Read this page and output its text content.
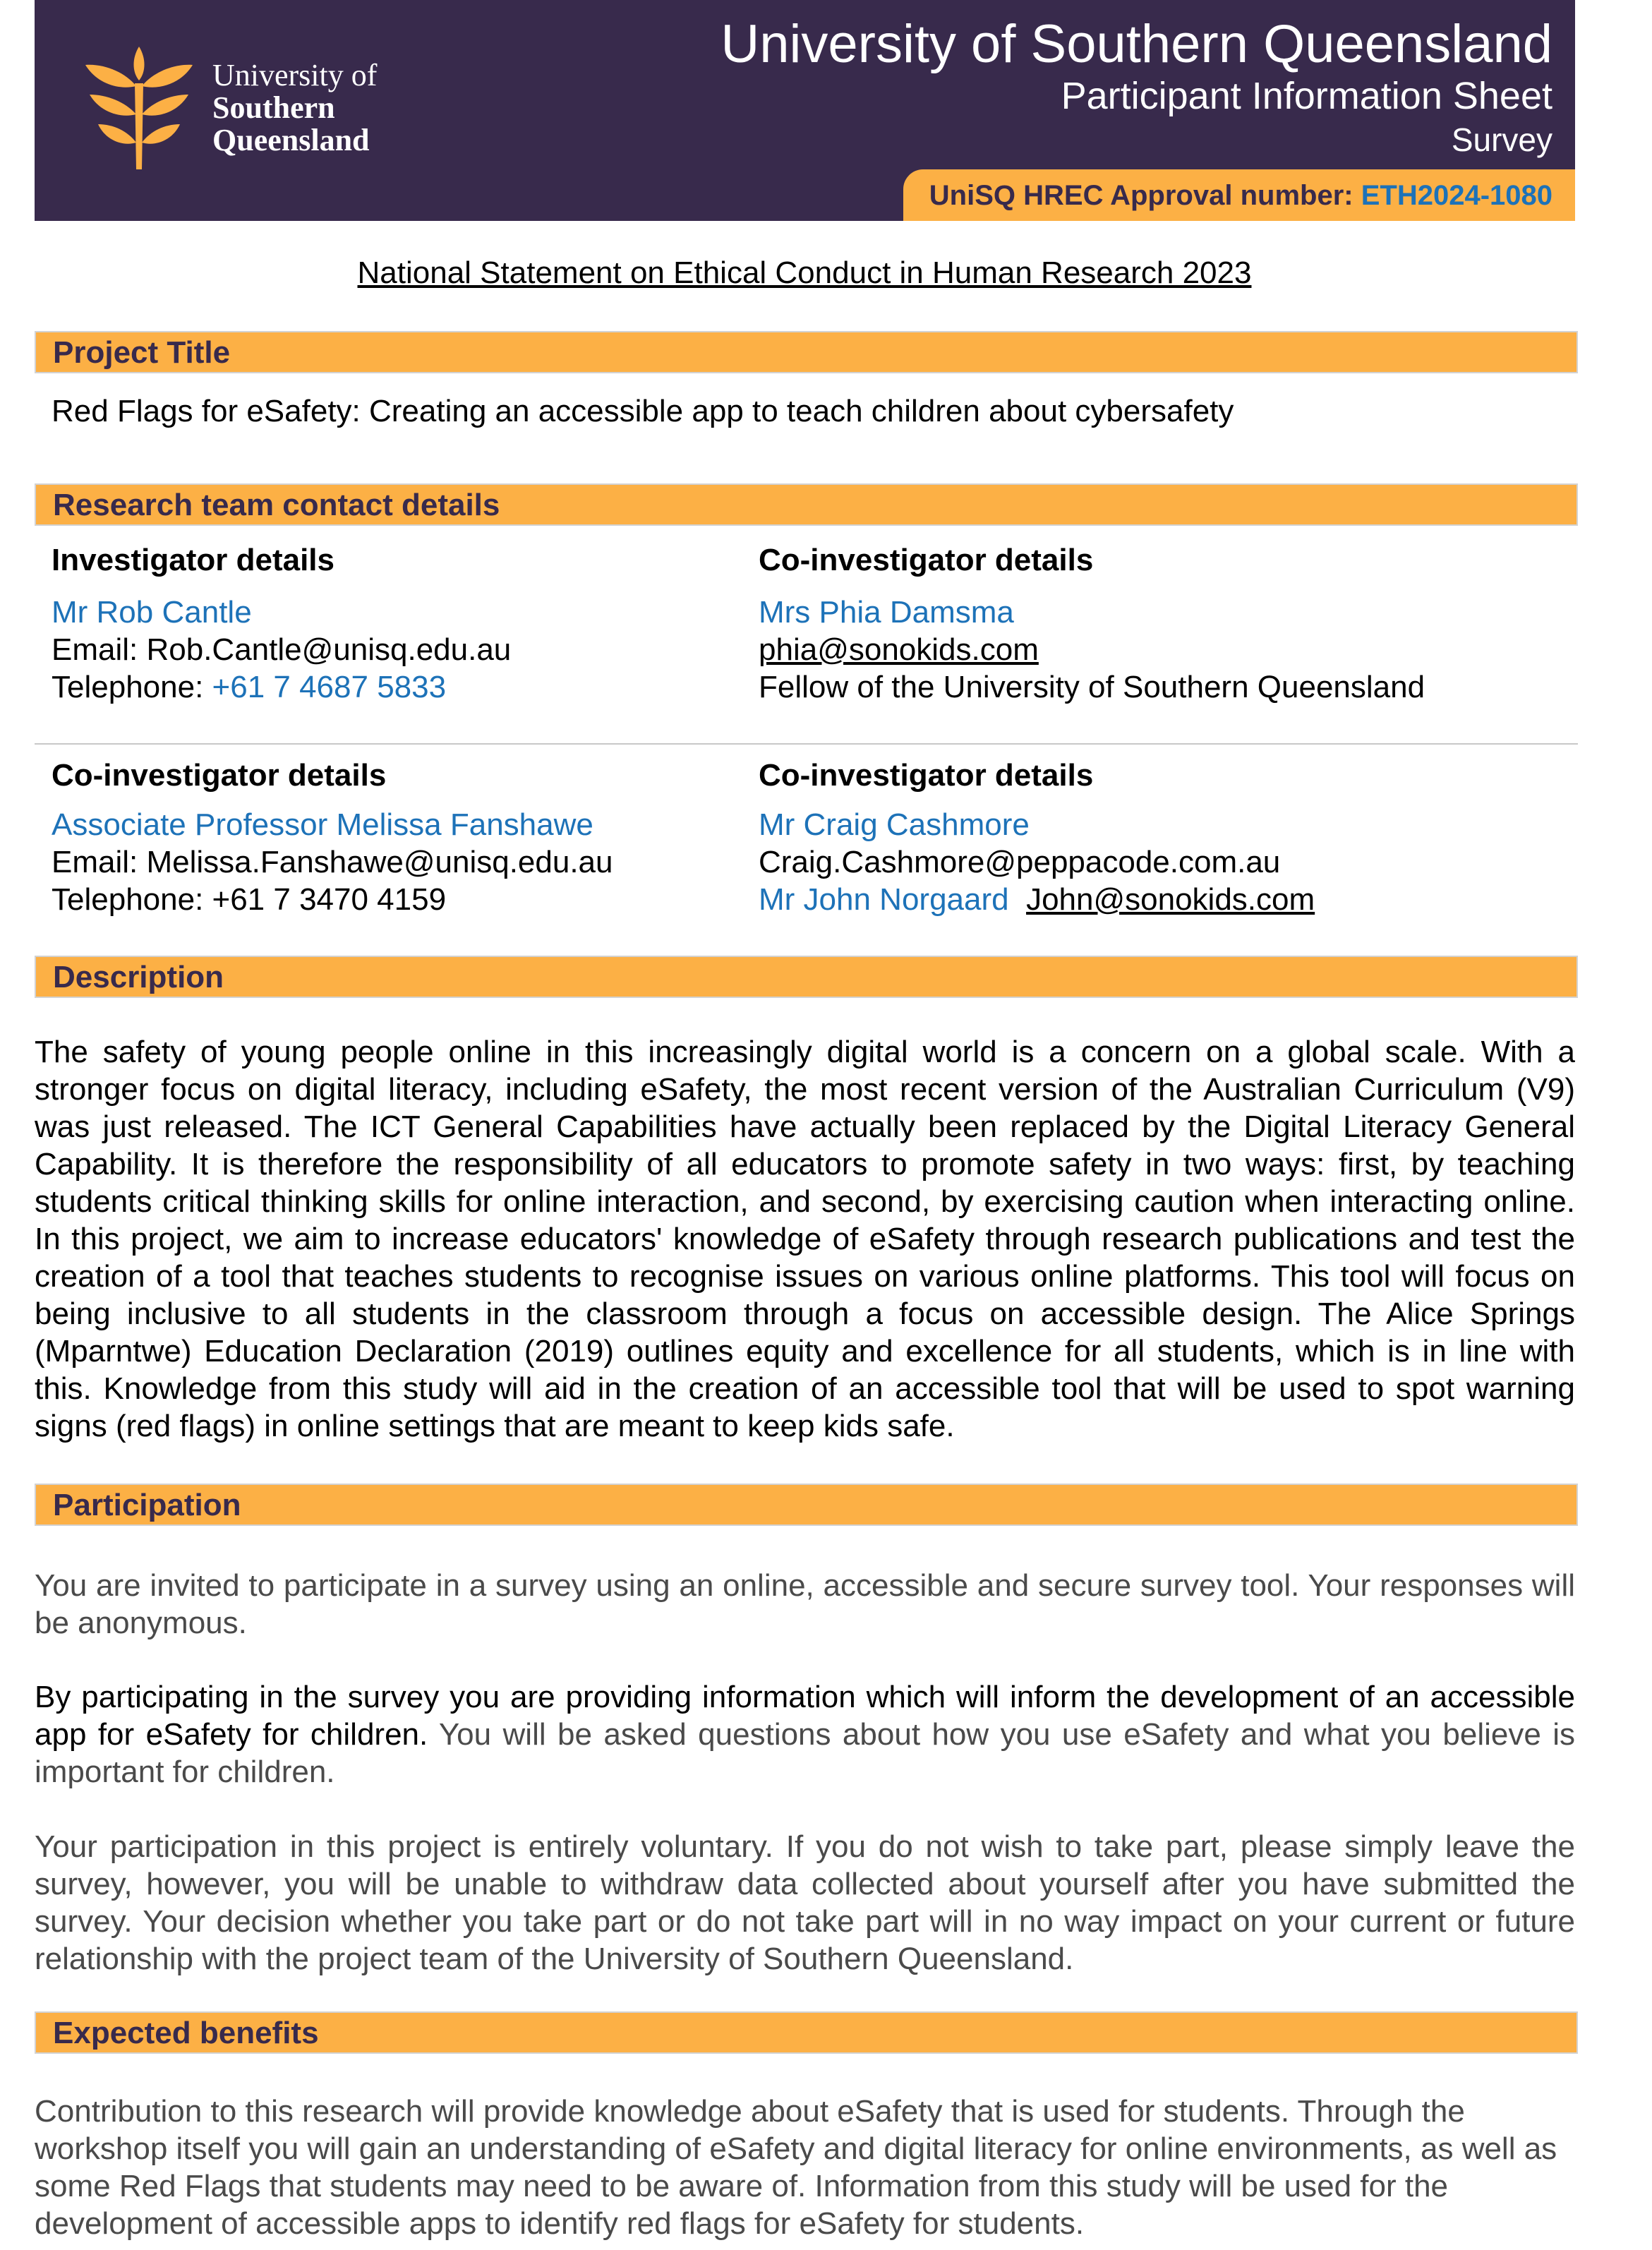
University of
Southern
Queensland
University of Southern Queensland
Participant Information Sheet
Survey
UniSQ HREC Approval number: ETH2024-1080
National Statement on Ethical Conduct in Human Research 2023
Project Title
Red Flags for eSafety: Creating an accessible app to teach children about cybersafety
Research team contact details
Investigator details
Mr Rob Cantle
Email: Rob.Cantle@unisq.edu.au
Telephone: +61 7 4687 5833
Co-investigator details
Mrs Phia Damsma
phia@sonokids.com
Fellow of the University of Southern Queensland
Co-investigator details
Associate Professor Melissa Fanshawe
Email: Melissa.Fanshawe@unisq.edu.au
Telephone: +61 7 3470 4159
Co-investigator details
Mr Craig Cashmore
Craig.Cashmore@peppacode.com.au
Mr John Norgaard John@sonokids.com
Description
The safety of young people online in this increasingly digital world is a concern on a global scale. With a stronger focus on digital literacy, including eSafety, the most recent version of the Australian Curriculum (V9) was just released. The ICT General Capabilities have actually been replaced by the Digital Literacy General Capability. It is therefore the responsibility of all educators to promote safety in two ways: first, by teaching students critical thinking skills for online interaction, and second, by exercising caution when interacting online. In this project, we aim to increase educators' knowledge of eSafety through research publications and test the creation of a tool that teaches students to recognise issues on various online platforms. This tool will focus on being inclusive to all students in the classroom through a focus on accessible design. The Alice Springs (Mparntwe) Education Declaration (2019) outlines equity and excellence for all students, which is in line with this. Knowledge from this study will aid in the creation of an accessible tool that will be used to spot warning signs (red flags) in online settings that are meant to keep kids safe.
Participation
You are invited to participate in a survey using an online, accessible and secure survey tool. Your responses will be anonymous.
By participating in the survey you are providing information which will inform the development of an accessible app for eSafety for children. You will be asked questions about how you use eSafety and what you believe is important for children.
Your participation in this project is entirely voluntary. If you do not wish to take part, please simply leave the survey, however, you will be unable to withdraw data collected about yourself after you have submitted the survey. Your decision whether you take part or do not take part will in no way impact on your current or future relationship with the project team of the University of Southern Queensland.
Expected benefits
Contribution to this research will provide knowledge about eSafety that is used for students. Through the workshop itself you will gain an understanding of eSafety and digital literacy for online environments, as well as some Red Flags that students may need to be aware of. Information from this study will be used for the development of accessible apps to identify red flags for eSafety for students.
